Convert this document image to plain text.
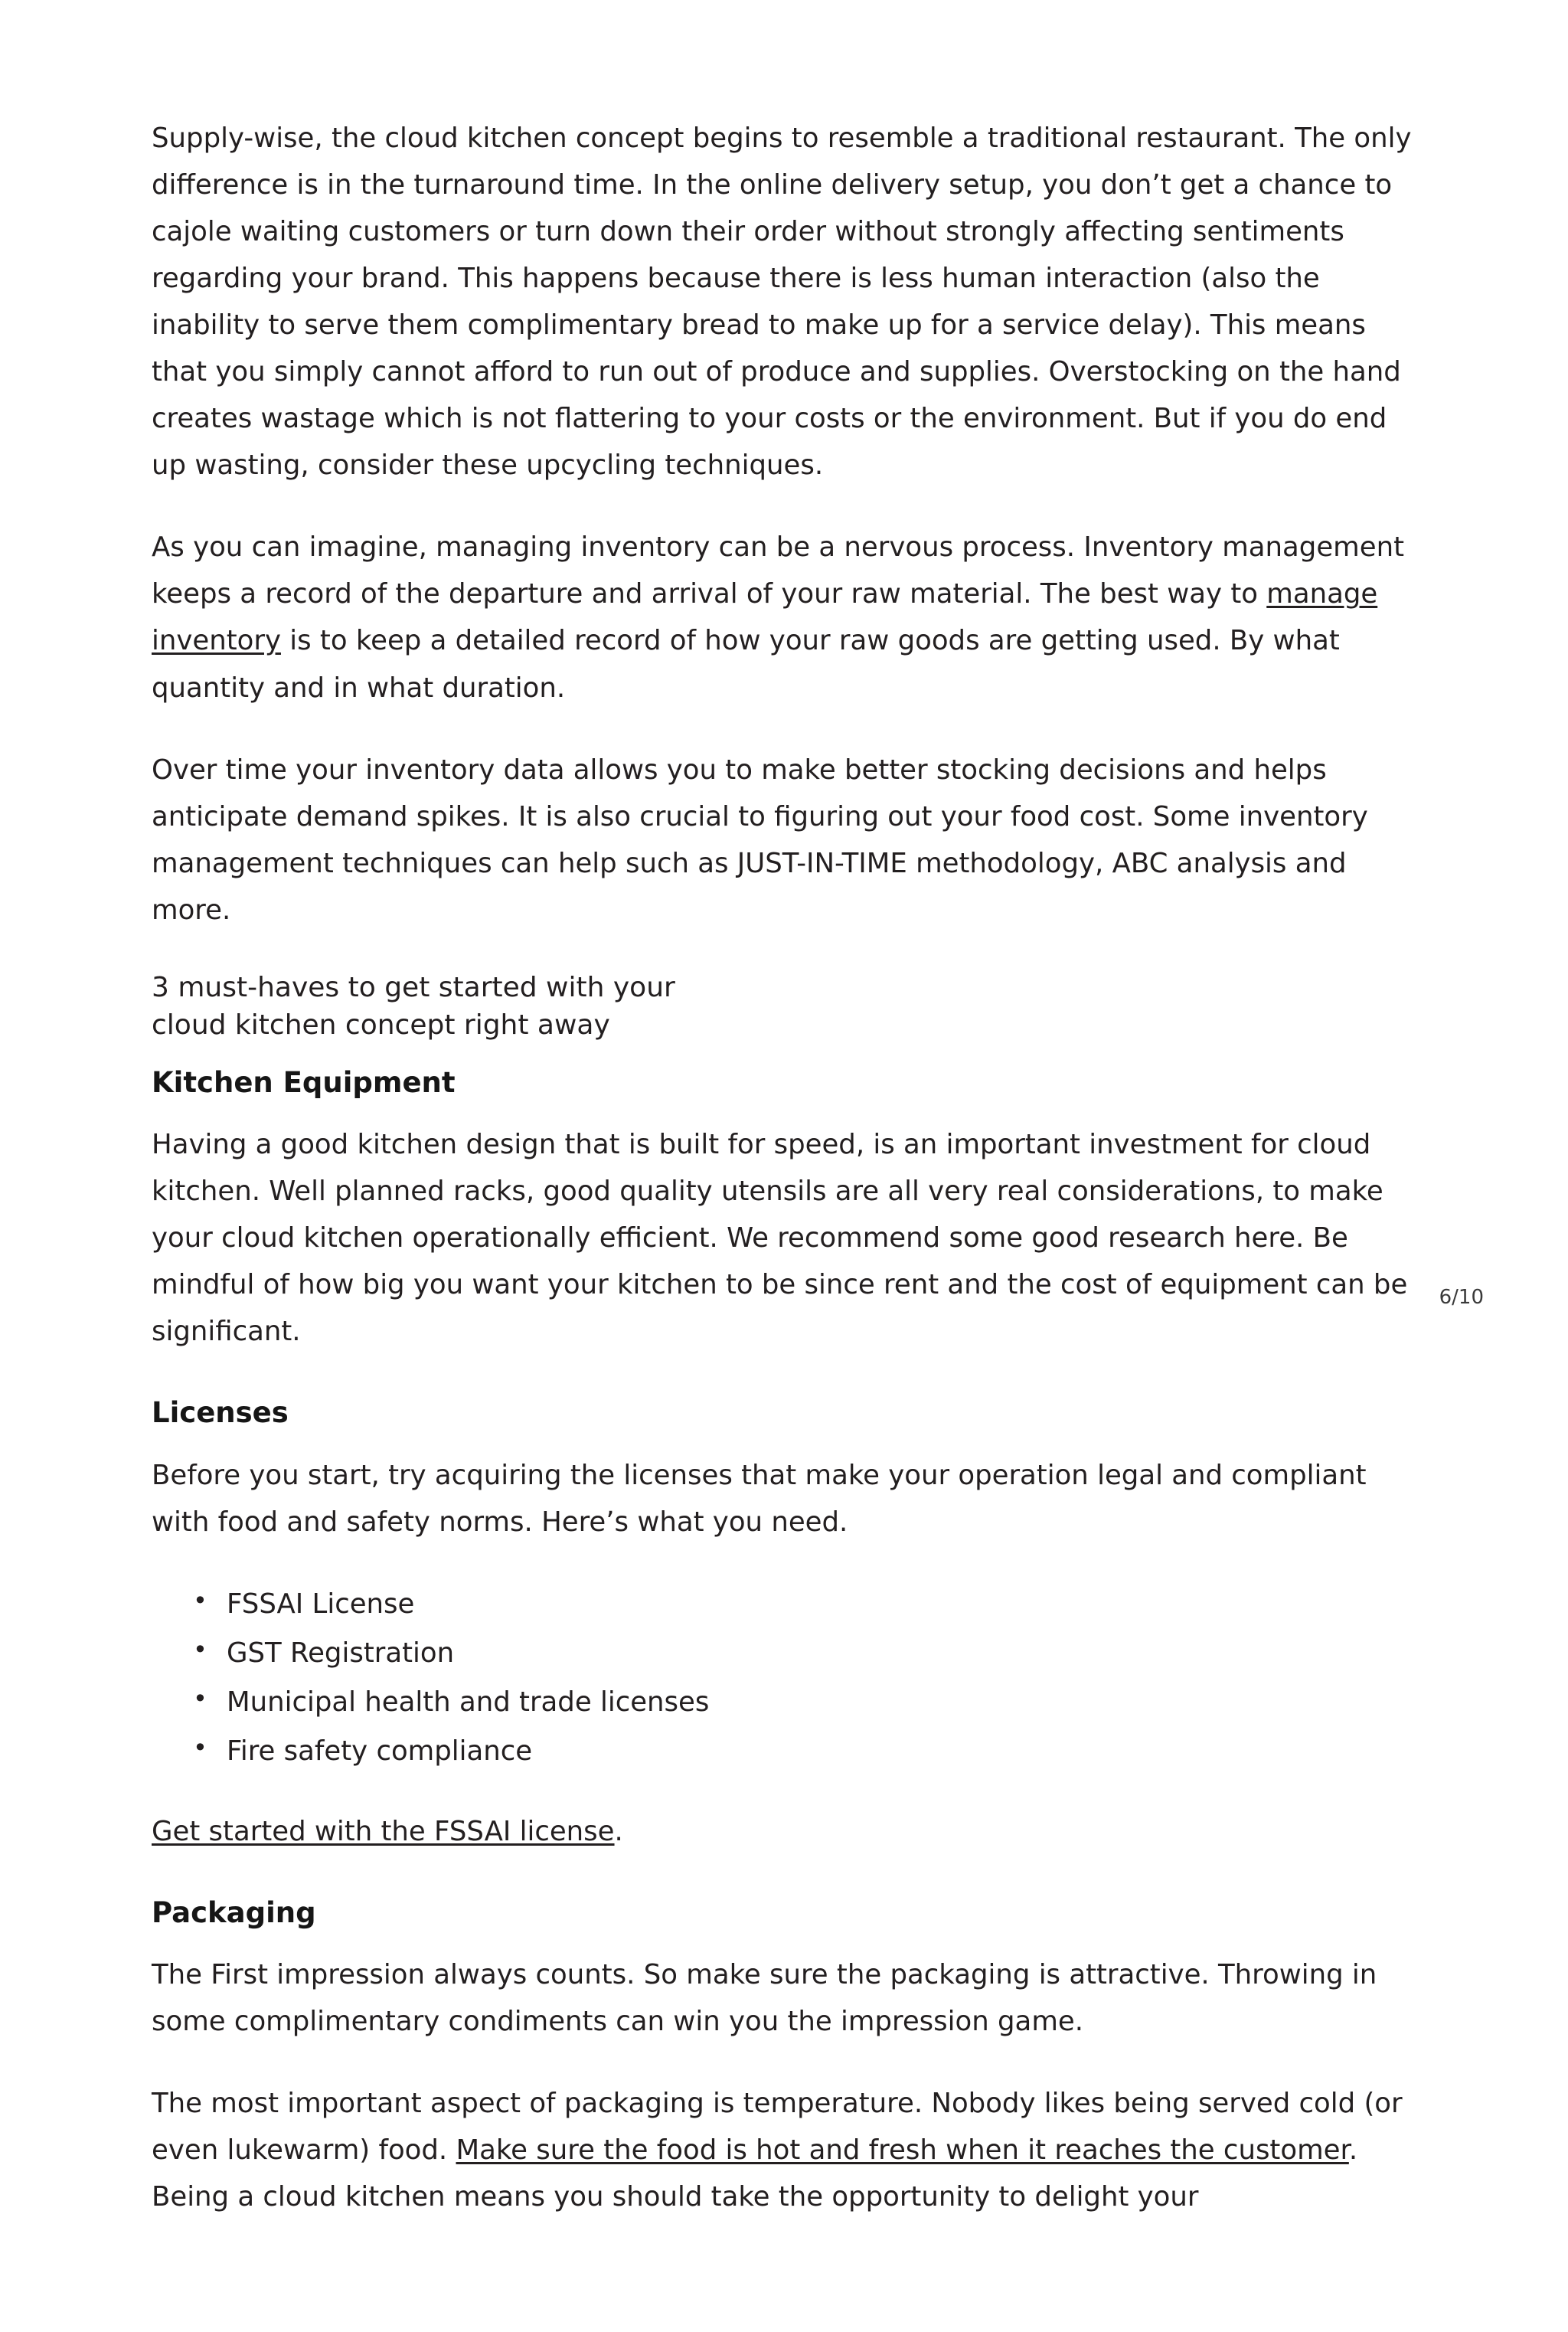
Supply-wise, the cloud kitchen concept begins to resemble a traditional restaurant. The only difference is in the turnaround time. In the online delivery setup, you don’t get a chance to cajole waiting customers or turn down their order without strongly affecting sentiments regarding your brand. This happens because there is less human interaction (also the inability to serve them complimentary bread to make up for a service delay). This means that you simply cannot afford to run out of produce and supplies. Overstocking on the hand creates wastage which is not flattering to your costs or the environment. But if you do end up wasting, consider these upcycling techniques.

As you can imagine, managing inventory can be a nervous process. Inventory management keeps a record of the departure and arrival of your raw material. The best way to manage inventory is to keep a detailed record of how your raw goods are getting used. By what quantity and in what duration.

Over time your inventory data allows you to make better stocking decisions and helps anticipate demand spikes. It is also crucial to figuring out your food cost. Some inventory management techniques can help such as JUST-IN-TIME methodology, ABC analysis and more.

3 must-haves to get started with your
cloud kitchen concept right away

Kitchen Equipment

Having a good kitchen design that is built for speed, is an important investment for cloud kitchen. Well planned racks, good quality utensils are all very real considerations, to make your cloud kitchen operationally efficient. We recommend some good research here. Be mindful of how big you want your kitchen to be since rent and the cost of equipment can be significant.

Licenses

Before you start, try acquiring the licenses that make your operation legal and compliant with food and safety norms. Here’s what you need.

• FSSAI License
• GST Registration
• Municipal health and trade licenses
• Fire safety compliance

Get started with the FSSAI license.

Packaging

The First impression always counts. So make sure the packaging is attractive. Throwing in some complimentary condiments can win you the impression game.

The most important aspect of packaging is temperature. Nobody likes being served cold (or even lukewarm) food. Make sure the food is hot and fresh when it reaches the customer. Being a cloud kitchen means you should take the opportunity to delight your

6/10
